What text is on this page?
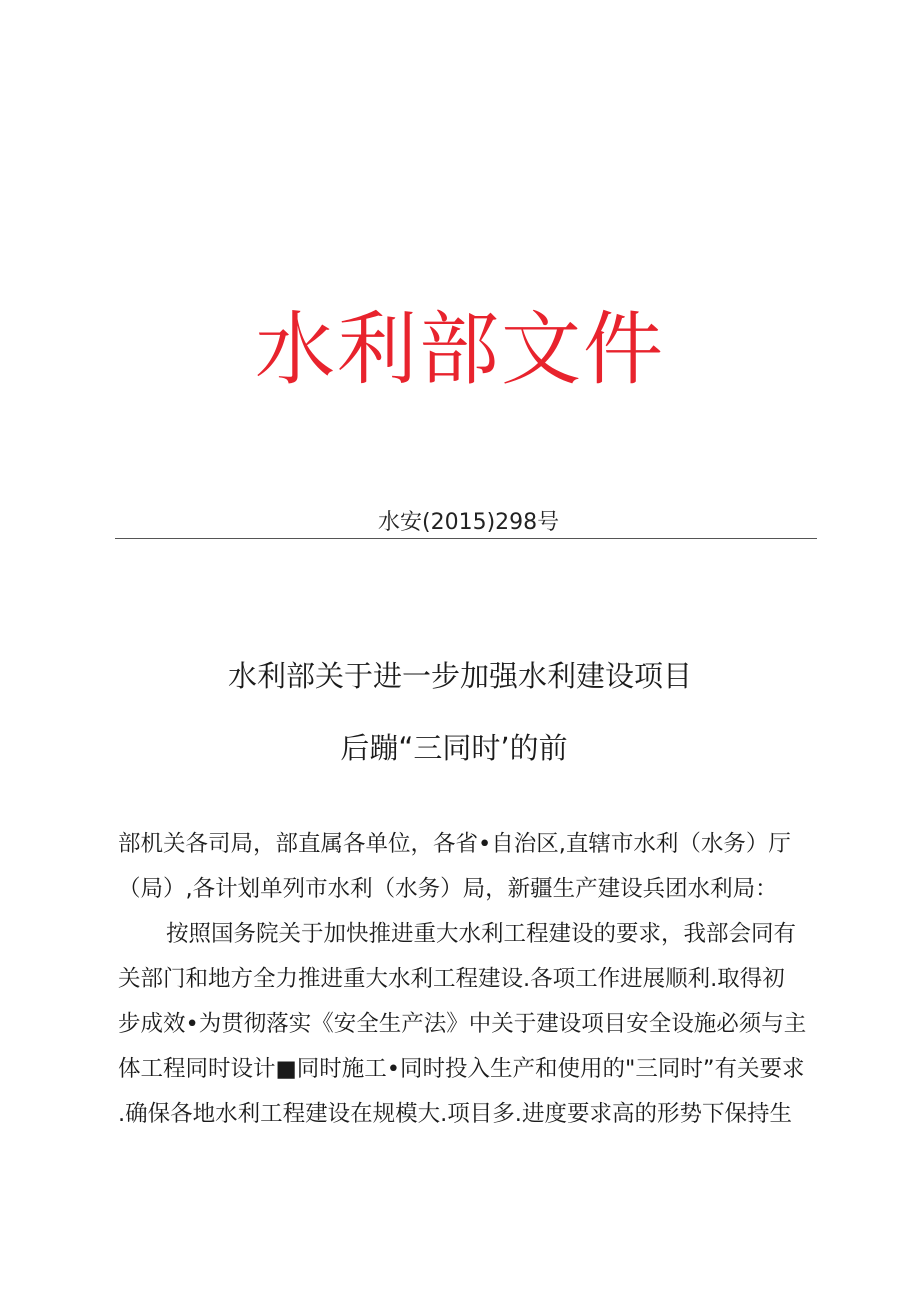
水利部文件
水安(2015)298号
水利部关于进一步加强水利建设项目
后蹦“三同时’的前
部机关各司局，部直属各单位，各省•自治区,直辖市水利（水务）厅
（局）,各计划单列市水利（水务）局，新疆生产建设兵团水利局：
按照国务院关于加快推进重大水利工程建设的要求，我部会同有
关部门和地方全力推进重大水利工程建设.各项工作进展顺利.取得初
步成效•为贯彻落实《安全生产法》中关于建设项目安全设施必须与主
体工程同时设计■同时施工•同时投入生产和使用的"三同时”有关要求
.确保各地水利工程建设在规模大.项目多.进度要求高的形势下保持生
